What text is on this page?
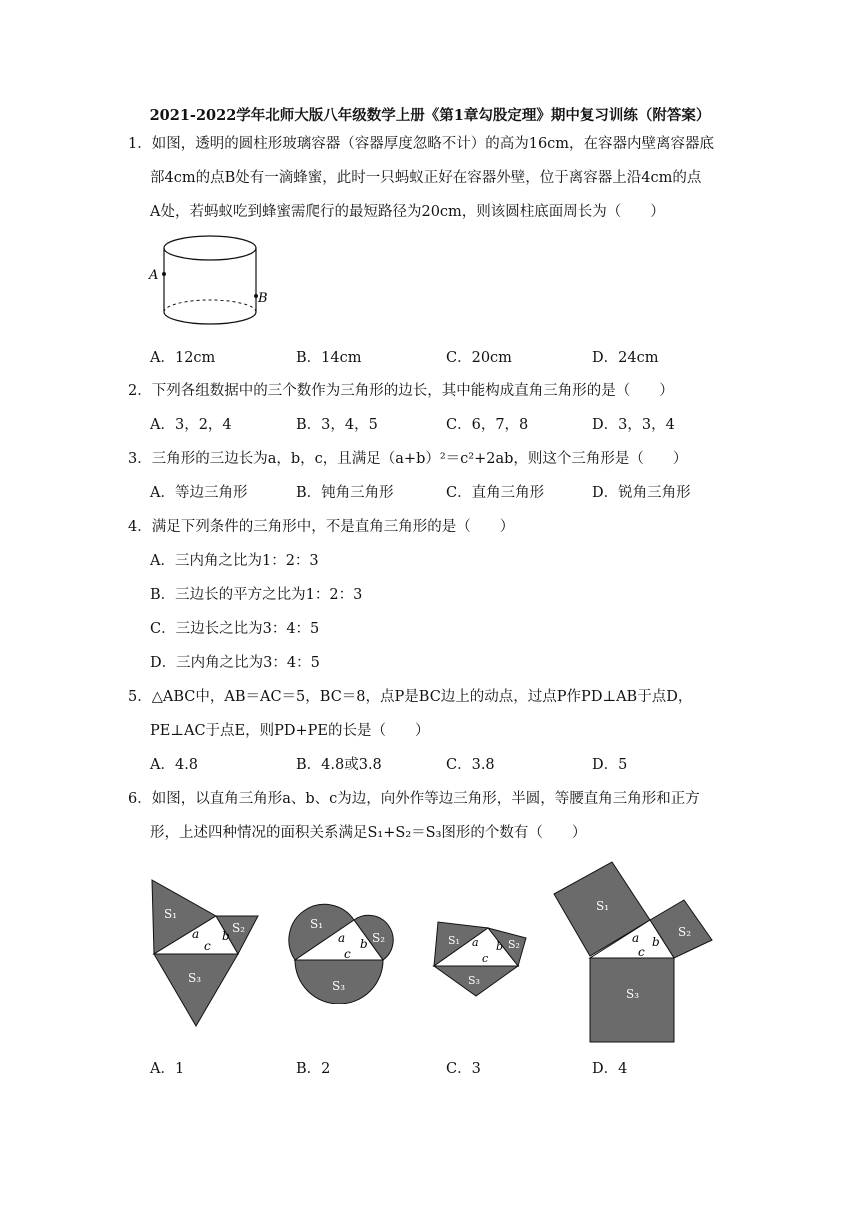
2021-2022学年北师大版八年级数学上册《第1章勾股定理》期中复习训练（附答案）
1．如图，透明的圆柱形玻璃容器（容器厚度忽略不计）的高为16cm，在容器内壁离容器底
部4cm的点B处有一滴蜂蜜，此时一只蚂蚁正好在容器外壁，位于离容器上沿4cm的点
A处，若蚂蚁吃到蜂蜜需爬行的最短路径为20cm，则该圆柱底面周长为（　　）
A
B
A．12cm	B．14cm	C．20cm	D．24cm
2．下列各组数据中的三个数作为三角形的边长，其中能构成直角三角形的是（　　）
A．3，2，4	B．3，4，5	C．6，7，8	D．3，3，4
3．三角形的三边长为a，b，c，且满足（a+b）²＝c²+2ab，则这个三角形是（　　）
A．等边三角形	B．钝角三角形	C．直角三角形	D．锐角三角形
4．满足下列条件的三角形中，不是直角三角形的是（　　）
A．三内角之比为1：2：3
B．三边长的平方之比为1：2：3
C．三边长之比为3：4：5
D．三内角之比为3：4：5
5．△ABC中，AB＝AC＝5，BC＝8，点P是BC边上的动点，过点P作PD⊥AB于点D，
PE⊥AC于点E，则PD+PE的长是（　　）
A．4.8	B．4.8或3.8	C．3.8	D．5
6．如图，以直角三角形a、b、c为边，向外作等边三角形，半圆，等腰直角三角形和正方
形，上述四种情况的面积关系满足S₁+S₂＝S₃图形的个数有（　　）
S₁
S₂
S₃
a b
c
S₁
S₂
S₃
a b
c
S₁	S₂
S₃
a b
c
S₁
S₂
S₃
a b
c
A．1	B．2	C．3	D．4
